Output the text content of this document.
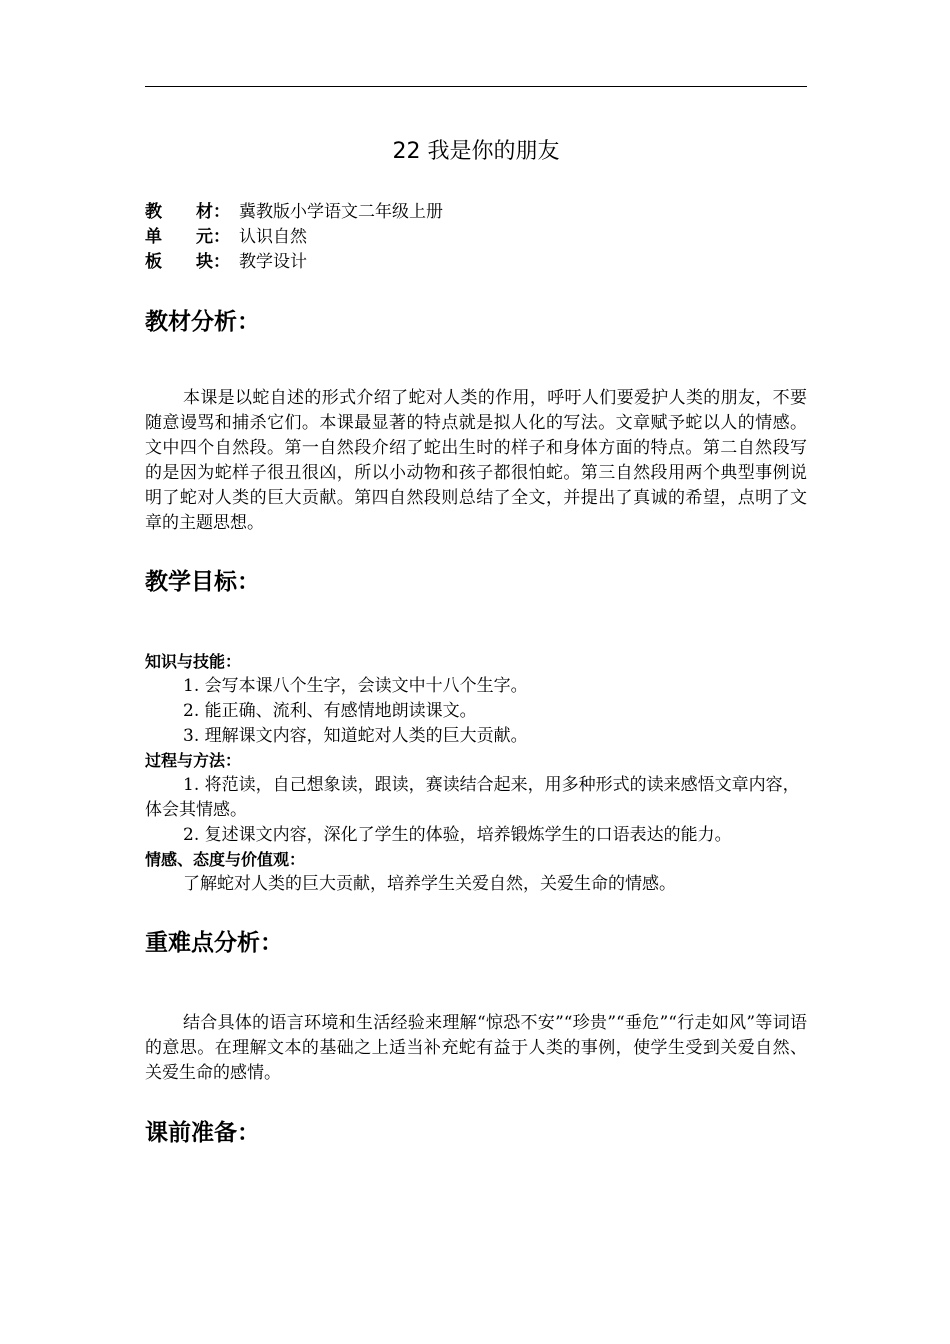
22 我是你的朋友
教　　材： 冀教版小学语文二年级上册
单　　元： 认识自然
板　　块： 教学设计
教材分析：

本课是以蛇自述的形式介绍了蛇对人类的作用，呼吁人们要爱护人类的朋友，不要随意谩骂和捕杀它们。本课最显著的特点就是拟人化的写法。文章赋予蛇以人的情感。文中四个自然段。第一自然段介绍了蛇出生时的样子和身体方面的特点。第二自然段写的是因为蛇样子很丑很凶，所以小动物和孩子都很怕蛇。第三自然段用两个典型事例说明了蛇对人类的巨大贡献。第四自然段则总结了全文，并提出了真诚的希望，点明了文章的主题思想。

教学目标：
知识与技能：

1. 会写本课八个生字，会读文中十八个生字。

2. 能正确、流利、有感情地朗读课文。

3. 理解课文内容，知道蛇对人类的巨大贡献。

过程与方法：

1. 将范读，自己想象读，跟读，赛读结合起来，用多种形式的读来感悟文章内容，体会其情感。

2. 复述课文内容，深化了学生的体验，培养锻炼学生的口语表达的能力。

情感、态度与价值观：

了解蛇对人类的巨大贡献，培养学生关爱自然，关爱生命的情感。

重难点分析：

结合具体的语言环境和生活经验来理解“惊恐不安”“珍贵”“垂危”“行走如风”等词语的意思。在理解文本的基础之上适当补充蛇有益于人类的事例，使学生受到关爱自然、关爱生命的感情。

课前准备：
